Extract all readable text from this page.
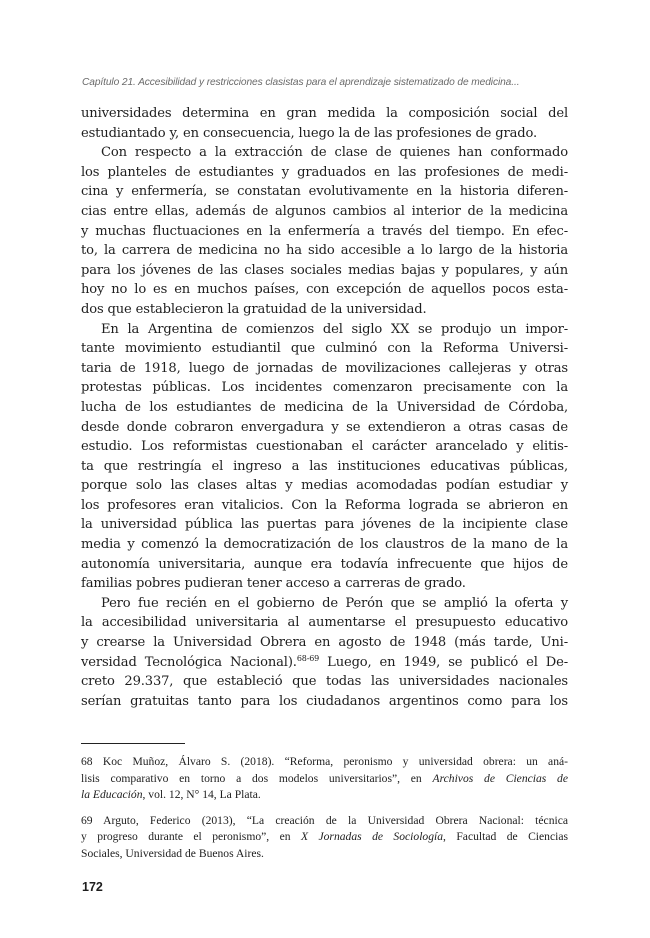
Capítulo 21. Accesibilidad y restricciones clasistas para el aprendizaje sistematizado de medicina...
universidades determina en gran medida la composición social del
estudiantado y, en consecuencia, luego la de las profesiones de grado.
Con respecto a la extracción de clase de quienes han conformado
los planteles de estudiantes y graduados en las profesiones de medi-
cina y enfermería, se constatan evolutivamente en la historia diferen-
cias entre ellas, además de algunos cambios al interior de la medicina
y muchas fluctuaciones en la enfermería a través del tiempo. En efec-
to, la carrera de medicina no ha sido accesible a lo largo de la historia
para los jóvenes de las clases sociales medias bajas y populares, y aún
hoy no lo es en muchos países, con excepción de aquellos pocos esta-
dos que establecieron la gratuidad de la universidad.
En la Argentina de comienzos del siglo XX se produjo un impor-
tante movimiento estudiantil que culminó con la Reforma Universi-
taria de 1918, luego de jornadas de movilizaciones callejeras y otras
protestas públicas. Los incidentes comenzaron precisamente con la
lucha de los estudiantes de medicina de la Universidad de Córdoba,
desde donde cobraron envergadura y se extendieron a otras casas de
estudio. Los reformistas cuestionaban el carácter arancelado y elitis-
ta que restringía el ingreso a las instituciones educativas públicas,
porque solo las clases altas y medias acomodadas podían estudiar y
los profesores eran vitalicios. Con la Reforma lograda se abrieron en
la universidad pública las puertas para jóvenes de la incipiente clase
media y comenzó la democratización de los claustros de la mano de la
autonomía universitaria, aunque era todavía infrecuente que hijos de
familias pobres pudieran tener acceso a carreras de grado.
Pero fue recién en el gobierno de Perón que se amplió la oferta y
la accesibilidad universitaria al aumentarse el presupuesto educativo
y crearse la Universidad Obrera en agosto de 1948 (más tarde, Uni-
versidad Tecnológica Nacional).$^{68-69}$ Luego, en 1949, se publicó el De-
creto 29.337, que estableció que todas las universidades nacionales
serían gratuitas tanto para los ciudadanos argentinos como para los
68 Koc Muñoz, Álvaro S. (2018). “Reforma, peronismo y universidad obrera: un aná-
lisis comparativo en torno a dos modelos universitarios”, en Archivos de Ciencias de
la Educación, vol. 12, N° 14, La Plata.
69 Arguto, Federico (2013), “La creación de la Universidad Obrera Nacional: técnica
y progreso durante el peronismo”, en X Jornadas de Sociología, Facultad de Ciencias
Sociales, Universidad de Buenos Aires.
172
